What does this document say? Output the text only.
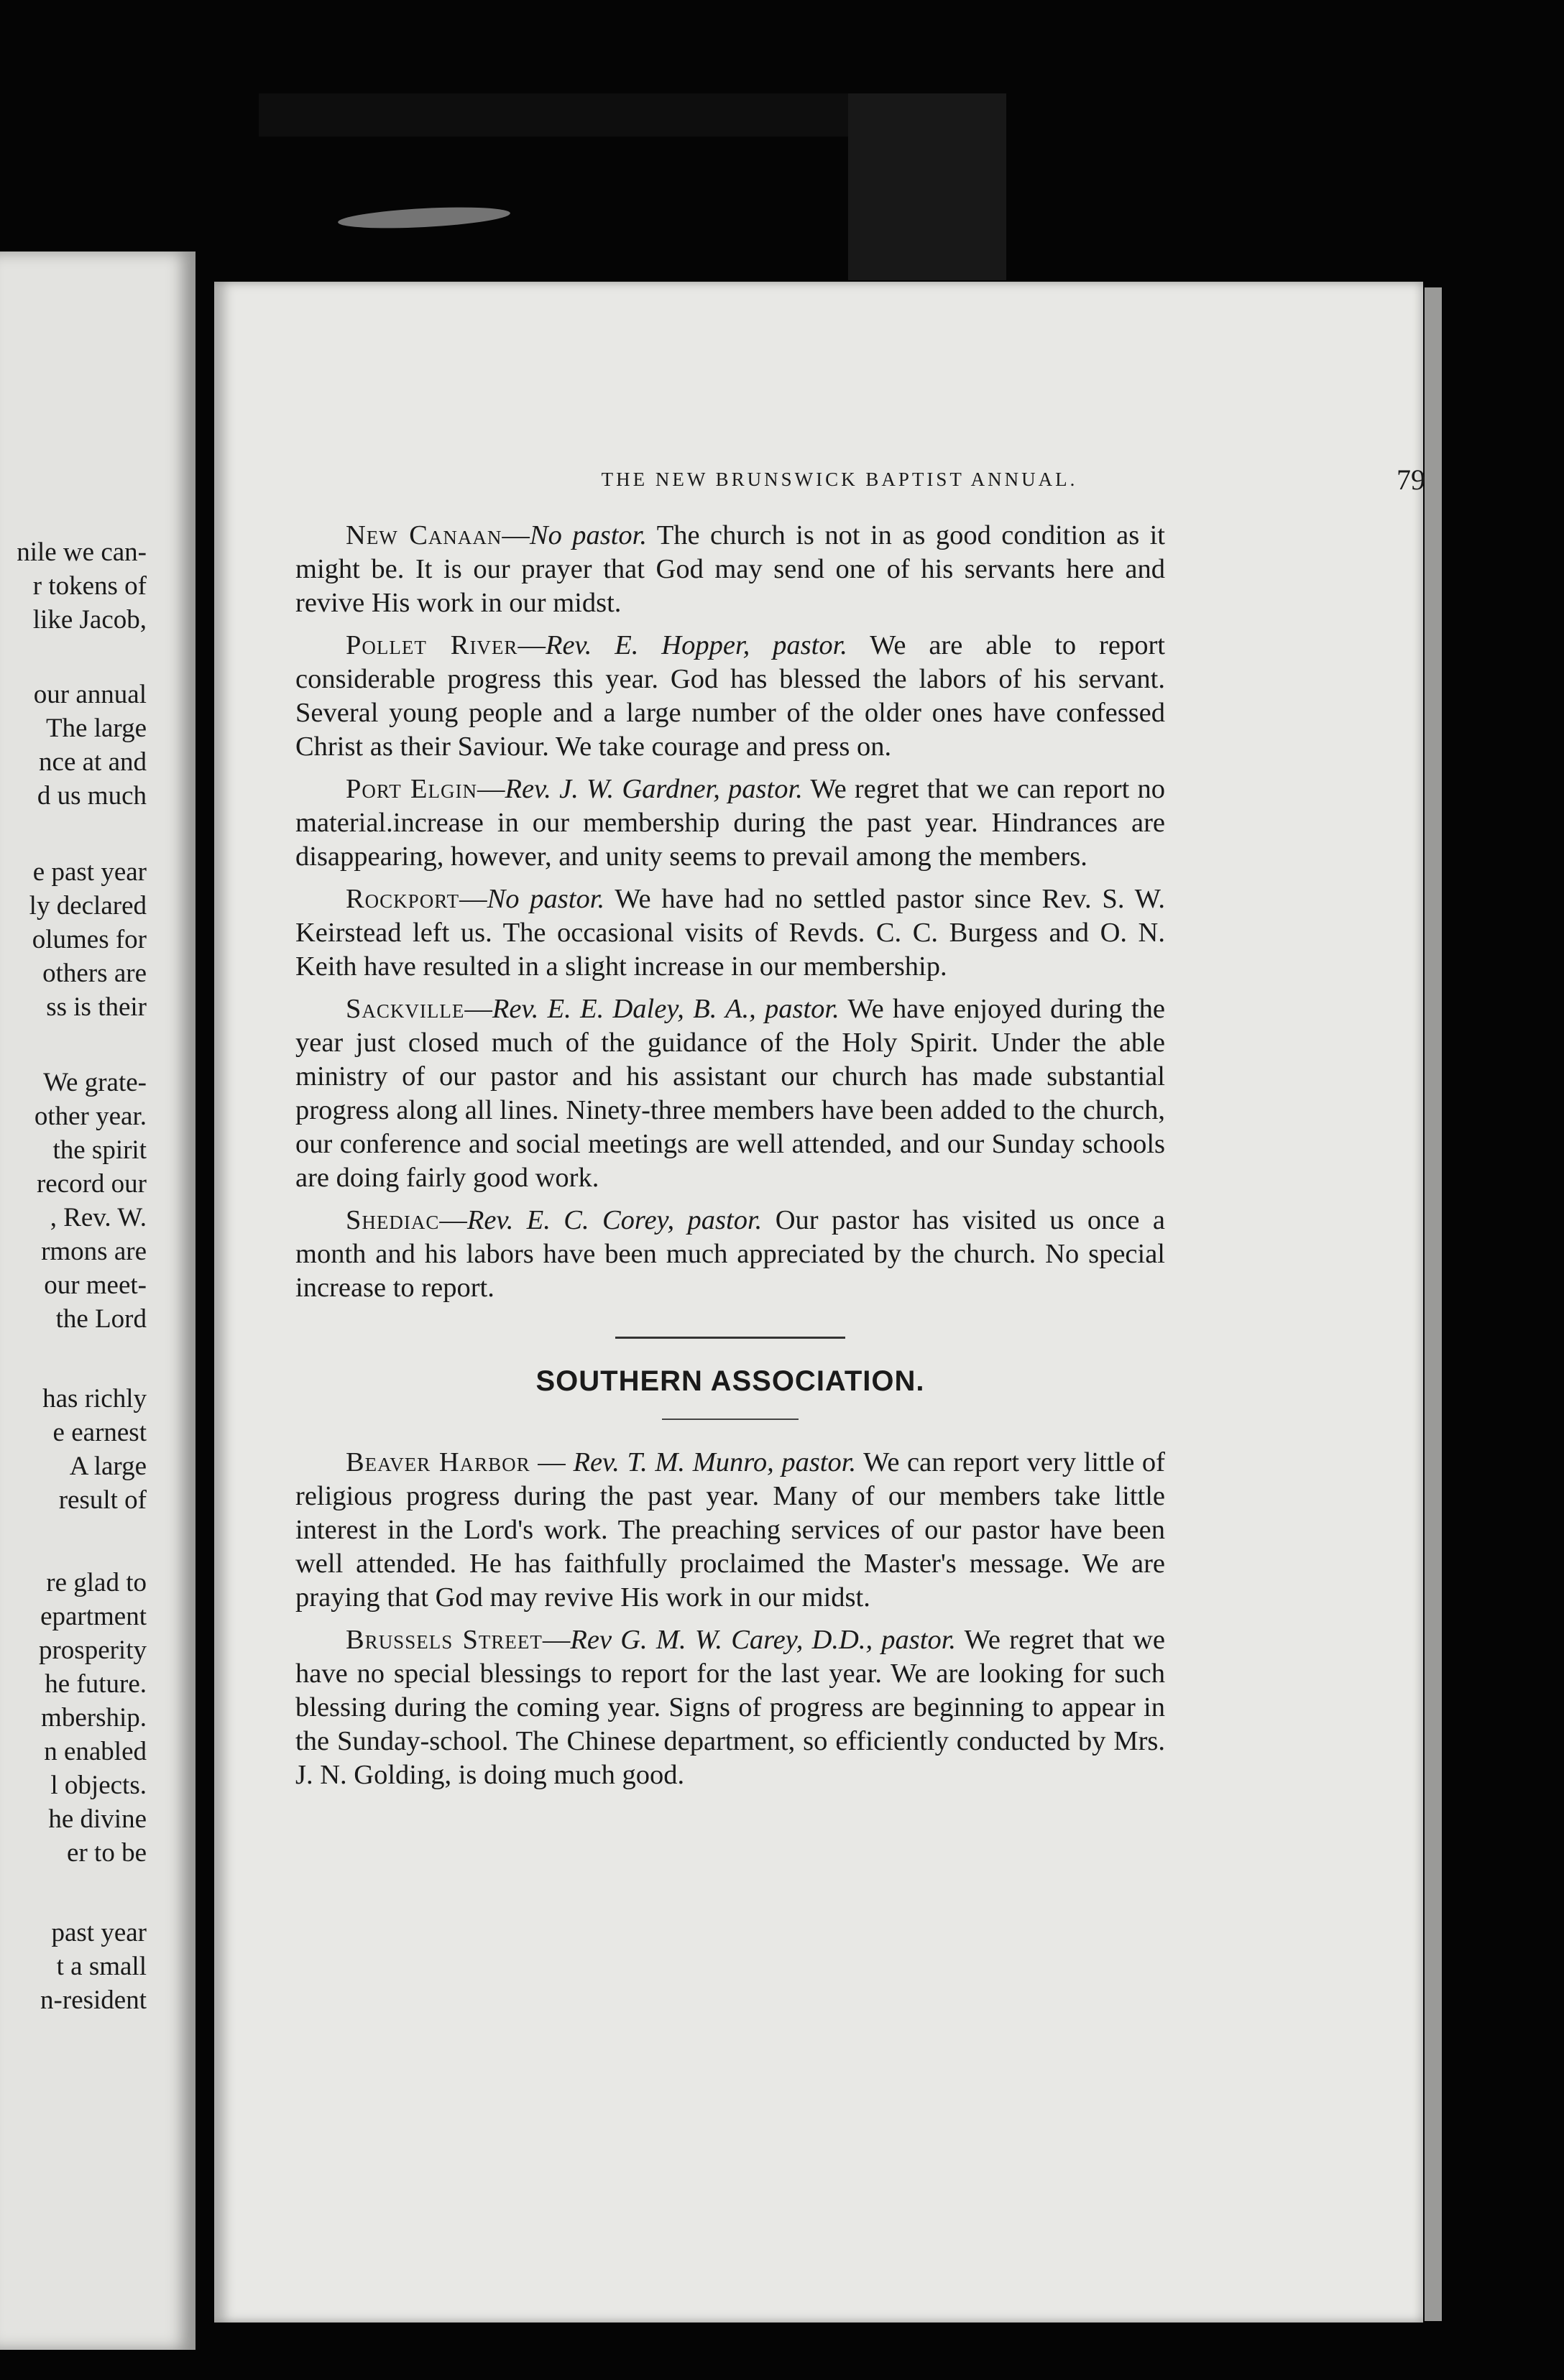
nile we can-
r tokens of
like Jacob,
our annual
The large
nce at and
d us much
e past year
ly declared
olumes for
others are
ss is their
We grate-
other year.
the spirit
record our
, Rev. W.
rmons are
our meet-
the Lord
has richly
e earnest
A large
result of
re glad to
epartment
prosperity
he future.
mbership.
n enabled
l objects.
he divine
er to be
past year
t a small
n-resident
THE NEW BRUNSWICK BAPTIST ANNUAL.	79

New Canaan—No pastor. The church is not in as good condition as it might be. It is our prayer that God may send one of his servants here and revive His work in our midst.

Pollet River—Rev. E. Hopper, pastor. We are able to report considerable progress this year. God has blessed the labors of his servant. Several young people and a large number of the older ones have confessed Christ as their Saviour. We take courage and press on.

Port Elgin—Rev. J. W. Gardner, pastor. We regret that we can report no material.increase in our membership during the past year. Hindrances are disappearing, however, and unity seems to prevail among the members.

Rockport—No pastor. We have had no settled pastor since Rev. S. W. Keirstead left us. The occasional visits of Revds. C. C. Burgess and O. N. Keith have resulted in a slight increase in our membership.

Sackville—Rev. E. E. Daley, B. A., pastor. We have enjoyed during the year just closed much of the guidance of the Holy Spirit. Under the able ministry of our pastor and his assistant our church has made substantial progress along all lines. Ninety-three members have been added to the church, our conference and social meetings are well attended, and our Sunday schools are doing fairly good work.

Shediac—Rev. E. C. Corey, pastor. Our pastor has visited us once a month and his labors have been much appreciated by the church. No special increase to report.

SOUTHERN ASSOCIATION.

Beaver Harbor — Rev. T. M. Munro, pastor. We can report very little of religious progress during the past year. Many of our members take little interest in the Lord's work. The preaching services of our pastor have been well attended. He has faithfully proclaimed the Master's message. We are praying that God may revive His work in our midst.

Brussels Street—Rev G. M. W. Carey, D.D., pastor. We regret that we have no special blessings to report for the last year. We are looking for such blessing during the coming year. Signs of progress are beginning to appear in the Sunday-school. The Chinese department, so efficiently conducted by Mrs. J. N. Golding, is doing much good.
